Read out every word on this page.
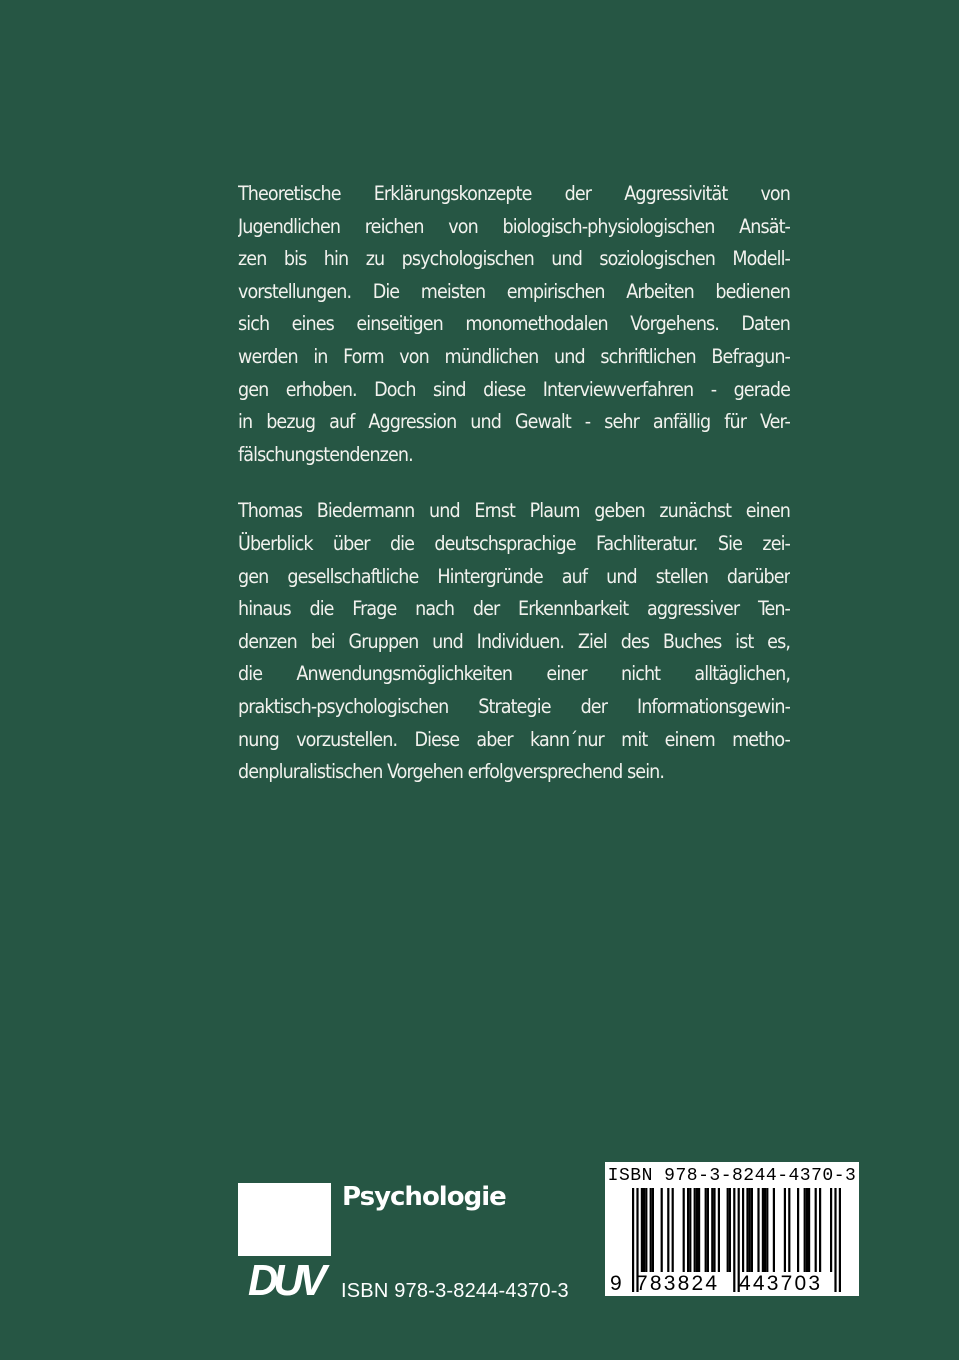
Theoretische Erklärungskonzepte der Aggressivität von
Jugendlichen reichen von biologisch-physiologischen Ansät-
zen bis hin zu psychologischen und soziologischen Modell-
vorstellungen. Die meisten empirischen Arbeiten bedienen
sich eines einseitigen monomethodalen Vorgehens. Daten
werden in Form von mündlichen und schriftlichen Befragun-
gen erhoben. Doch sind diese Interviewverfahren - gerade
in bezug auf Aggression und Gewalt - sehr anfällig für Ver-
fälschungstendenzen.

Thomas Biedermann und Ernst Plaum geben zunächst einen
Überblick über die deutschsprachige Fachliteratur. Sie zei-
gen gesellschaftliche Hintergründe auf und stellen darüber
hinaus die Frage nach der Erkennbarkeit aggressiver Ten-
denzen bei Gruppen und Individuen. Ziel des Buches ist es,
die Anwendungsmöglichkeiten einer nicht alltäglichen,
praktisch-psychologischen Strategie der Informationsgewin-
nung vorzustellen. Diese aber kann´nur mit einem metho-
denpluralistischen Vorgehen erfolgversprechend sein.

DUV
Psychologie
ISBN 978-3-8244-4370-3
ISBN 978-3-8244-4370-3
9 783824 443703
